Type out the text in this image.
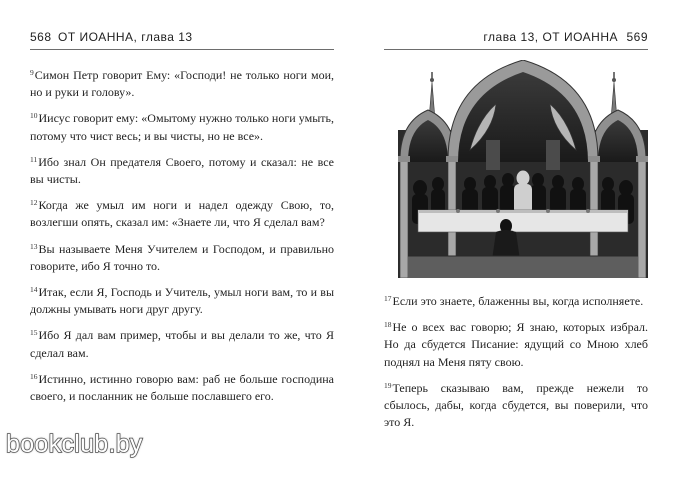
568 ОТ ИОАННА, глава 13

$^9$Симон Петр говорит Ему: «Господи! не только ноги мои, но и руки и голову».

$^{10}$Иисус говорит ему: «Омытому нужно только ноги умыть, потому что чист весь; и вы чисты, но не все».

$^{11}$Ибо знал Он предателя Своего, потому и сказал: не все вы чисты.

$^{12}$Когда же умыл им ноги и надел одежду Свою, то, возлегши опять, сказал им: «Знаете ли, что Я сделал вам?

$^{13}$Вы называете Меня Учителем и Господом, и правильно говорите, ибо Я точно то.

$^{14}$Итак, если Я, Господь и Учитель, умыл ноги вам, то и вы должны умывать ноги друг другу.

$^{15}$Ибо Я дал вам пример, чтобы и вы делали то же, что Я сделал вам.

$^{16}$Истинно, истинно говорю вам: раб не больше господина своего, и посланник не больше пославшего его.

глава 13, ОТ ИОАННА 569

$^{17}$Если это знаете, блаженны вы, когда исполняете.

$^{18}$Не о всех вас говорю; Я знаю, которых избрал. Но да сбудется Писание: ядущий со Мною хлеб поднял на Меня пяту свою.

$^{19}$Теперь сказываю вам, прежде нежели то сбылось, дабы, когда сбудется, вы поверили, что это Я.

bookclub.by
